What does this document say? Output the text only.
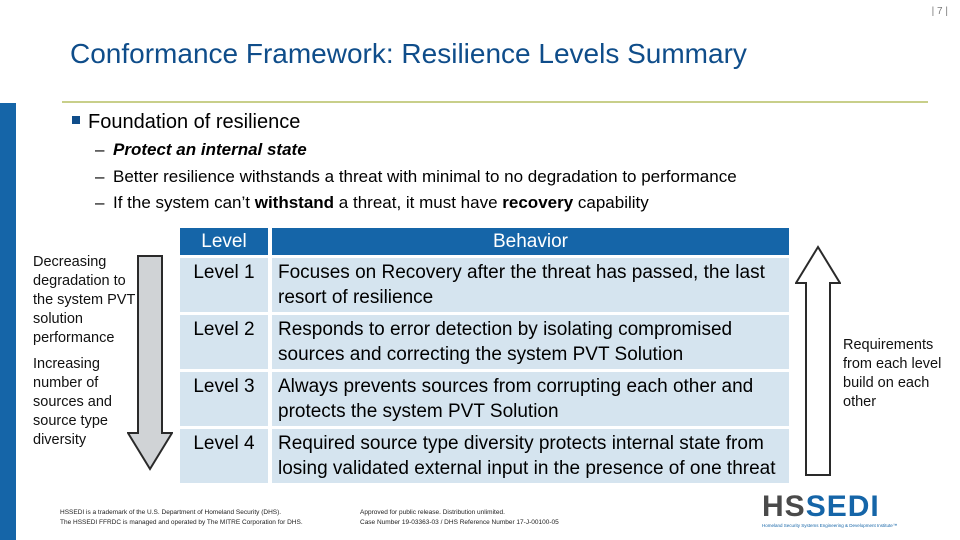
| 7 |
Conformance Framework: Resilience Levels Summary
Foundation of resilience
– Protect an internal state
– Better resilience withstands a threat with minimal to no degradation to performance
– If the system can’t withstand a threat, it must have recovery capability
Decreasing degradation to the system PVT solution performance
Increasing number of sources and source type diversity
Requirements from each level build on each other
Level	Behavior
Level 1	Focuses on Recovery after the threat has passed, the last resort of resilience
Level 2	Responds to error detection by isolating compromised sources and correcting the system PVT Solution
Level 3	Always prevents sources from corrupting each other and protects the system PVT Solution
Level 4	Required source type diversity protects internal state from losing validated external input in the presence of one threat
HSSEDI is a trademark of the U.S. Department of Homeland Security (DHS).
The HSSEDI FFRDC is managed and operated by The MITRE Corporation for DHS.
Approved for public release. Distribution unlimited.
Case Number 19-03363-03 / DHS Reference Number 17-J-00100-05	HSSEDI
Homeland Security Systems Engineering & Development Institute™
